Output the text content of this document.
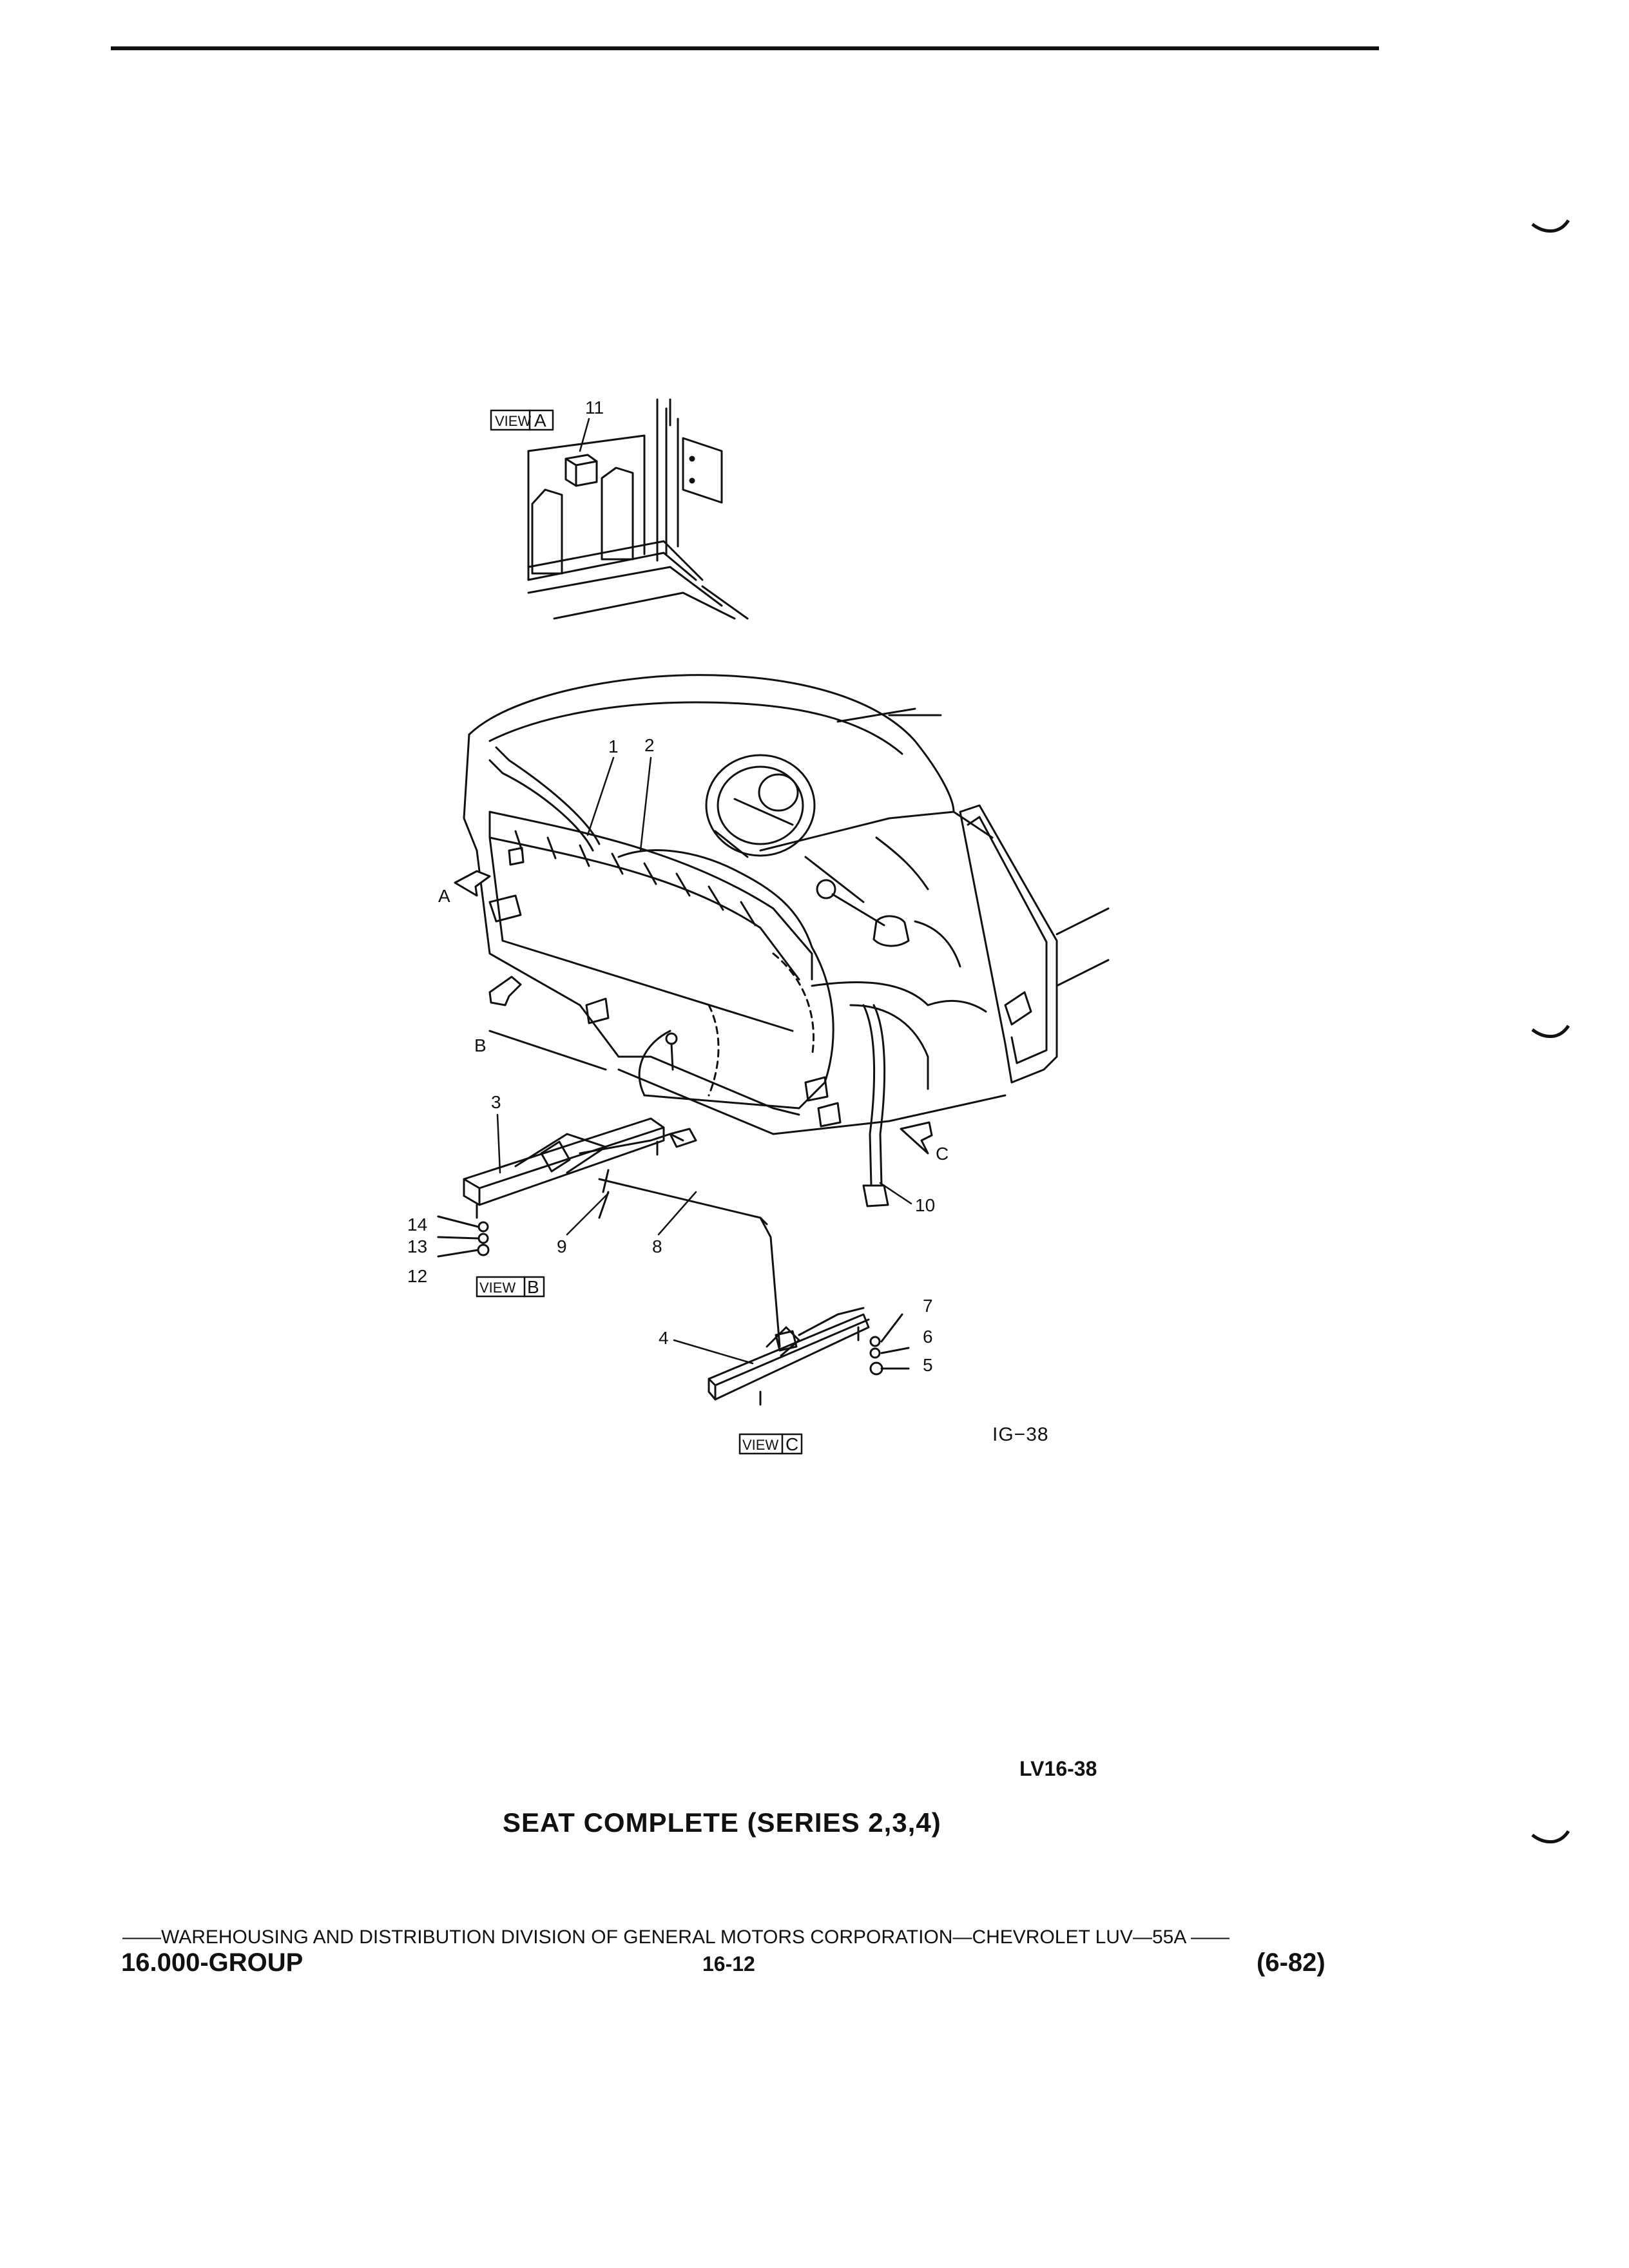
VIEW A
11
A
B
C
1 2
10
VIEW B
3
14
13
12
9	8
VIEW C
4
7
6
5
IG−38
LV16-38
SEAT COMPLETE (SERIES 2,3,4)
——WAREHOUSING AND DISTRIBUTION DIVISION OF GENERAL MOTORS CORPORATION—CHEVROLET LUV—55A ——
16.000-GROUP	16-12	(6-82)
